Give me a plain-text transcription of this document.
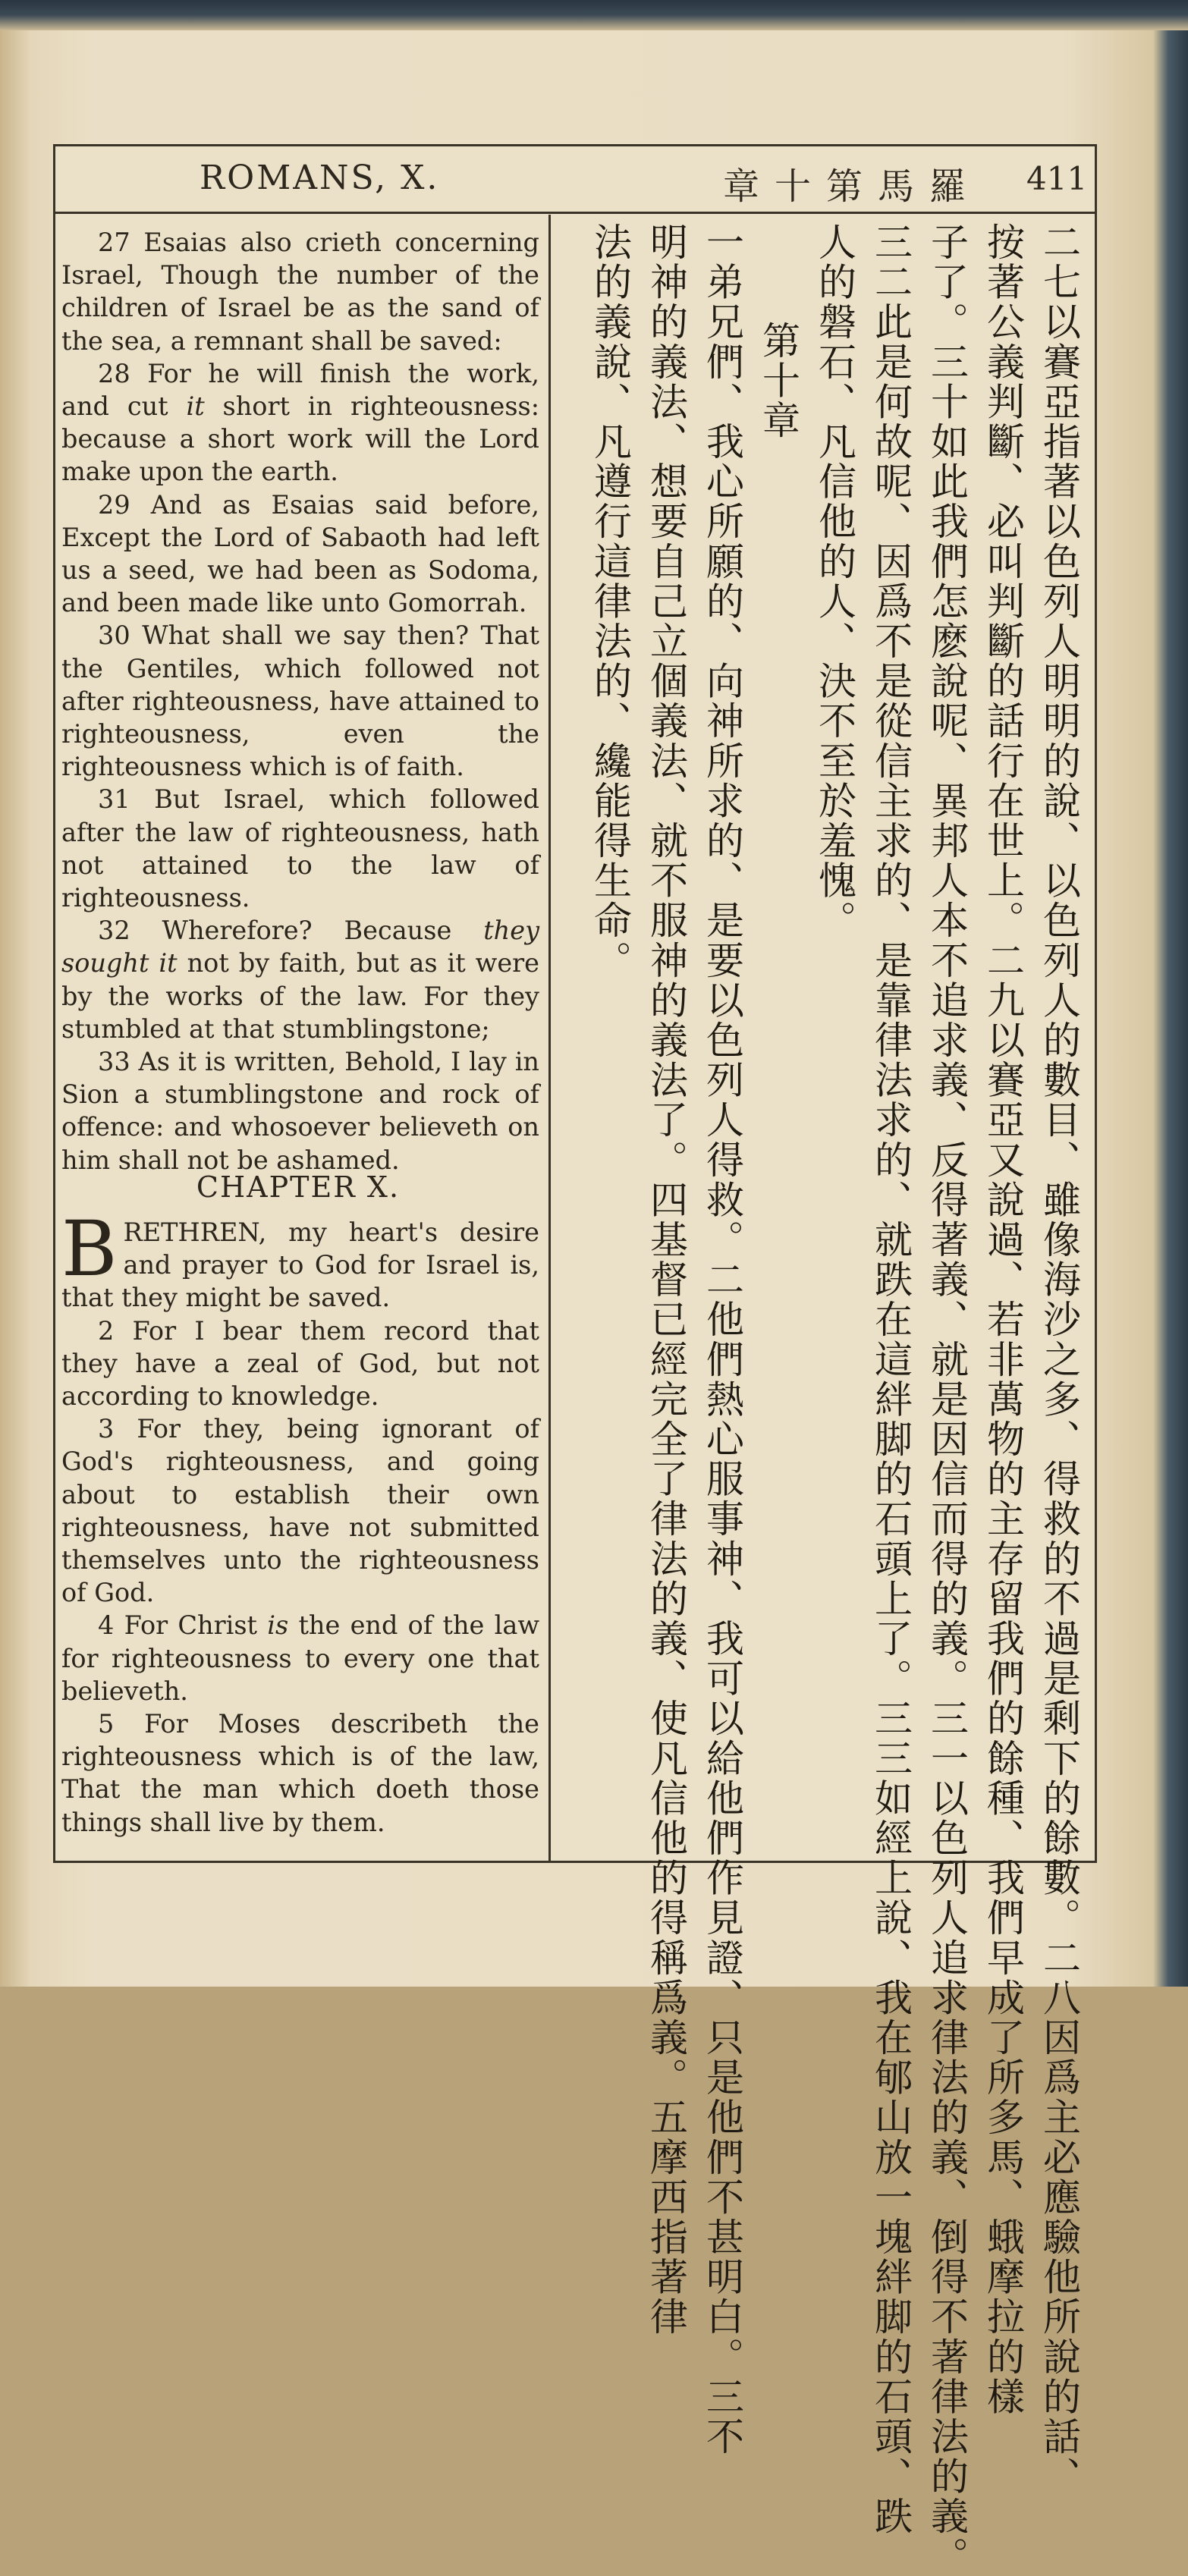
ROMANS, X.	章十第馬羅 411

27 Esaias also crieth concerning Israel, Though the number of the children of Israel be as the sand of the sea, a remnant shall be saved:

28 For he will finish the work, and cut it short in righteousness: because a short work will the Lord make upon the earth.

29 And as Esaias said before, Except the Lord of Sabaoth had left us a seed, we had been as Sodoma, and been made like unto Gomorrah.

30 What shall we say then? That the Gentiles, which followed not after righteousness, have attained to righteousness, even the righteousness which is of faith.

31 But Israel, which followed after the law of righteousness, hath not attained to the law of righteousness.

32 Wherefore? Because they sought it not by faith, but as it were by the works of the law. For they stumbled at that stumblingstone;

33 As it is written, Behold, I lay in Sion a stumblingstone and rock of offence: and whosoever believeth on him shall not be ashamed.

CHAPTER X.

BRETHREN, my heart's desire and prayer to God for Israel is, that they might be saved.

2 For I bear them record that they have a zeal of God, but not according to knowledge.

3 For they, being ignorant of God's righteousness, and going about to establish their own righteousness, have not submitted themselves unto the righteousness of God.

4 For Christ is the end of the law for righteousness to every one that believeth.

5 For Moses describeth the righteousness which is of the law, That the man which doeth those things shall live by them.	二七以賽亞指著以色列人明明的說、以色列人的數目、雖像海沙之多、得救的不過是剩下的餘數。二八因爲主必應驗他所說的話、
按著公義判斷、必叫判斷的話行在世上。二九以賽亞又說過、若非萬物的主存留我們的餘種、我們早成了所多馬、蛾摩拉的樣
子了。三十如此我們怎麽說呢、異邦人本不追求義、反得著義、就是因信而得的義。三一以色列人追求律法的義、倒得不著律法的義。
三二此是何故呢、因爲不是從信主求的、是靠律法求的、就跌在這絆脚的石頭上了。三三如經上說、我在郇山放一塊絆脚的石頭、跌
人的磐石、凡信他的人、決不至於羞愧。
第十章
一弟兄們、我心所願的、向神所求的、是要以色列人得救。二他們熱心服事神、我可以給他們作見證、只是他們不甚明白。三不
明神的義法、想要自己立個義法、就不服神的義法了。四基督已經完全了律法的義、使凡信他的得稱爲義。五摩西指著律
法的義說、凡遵行這律法的、纔能得生命。
